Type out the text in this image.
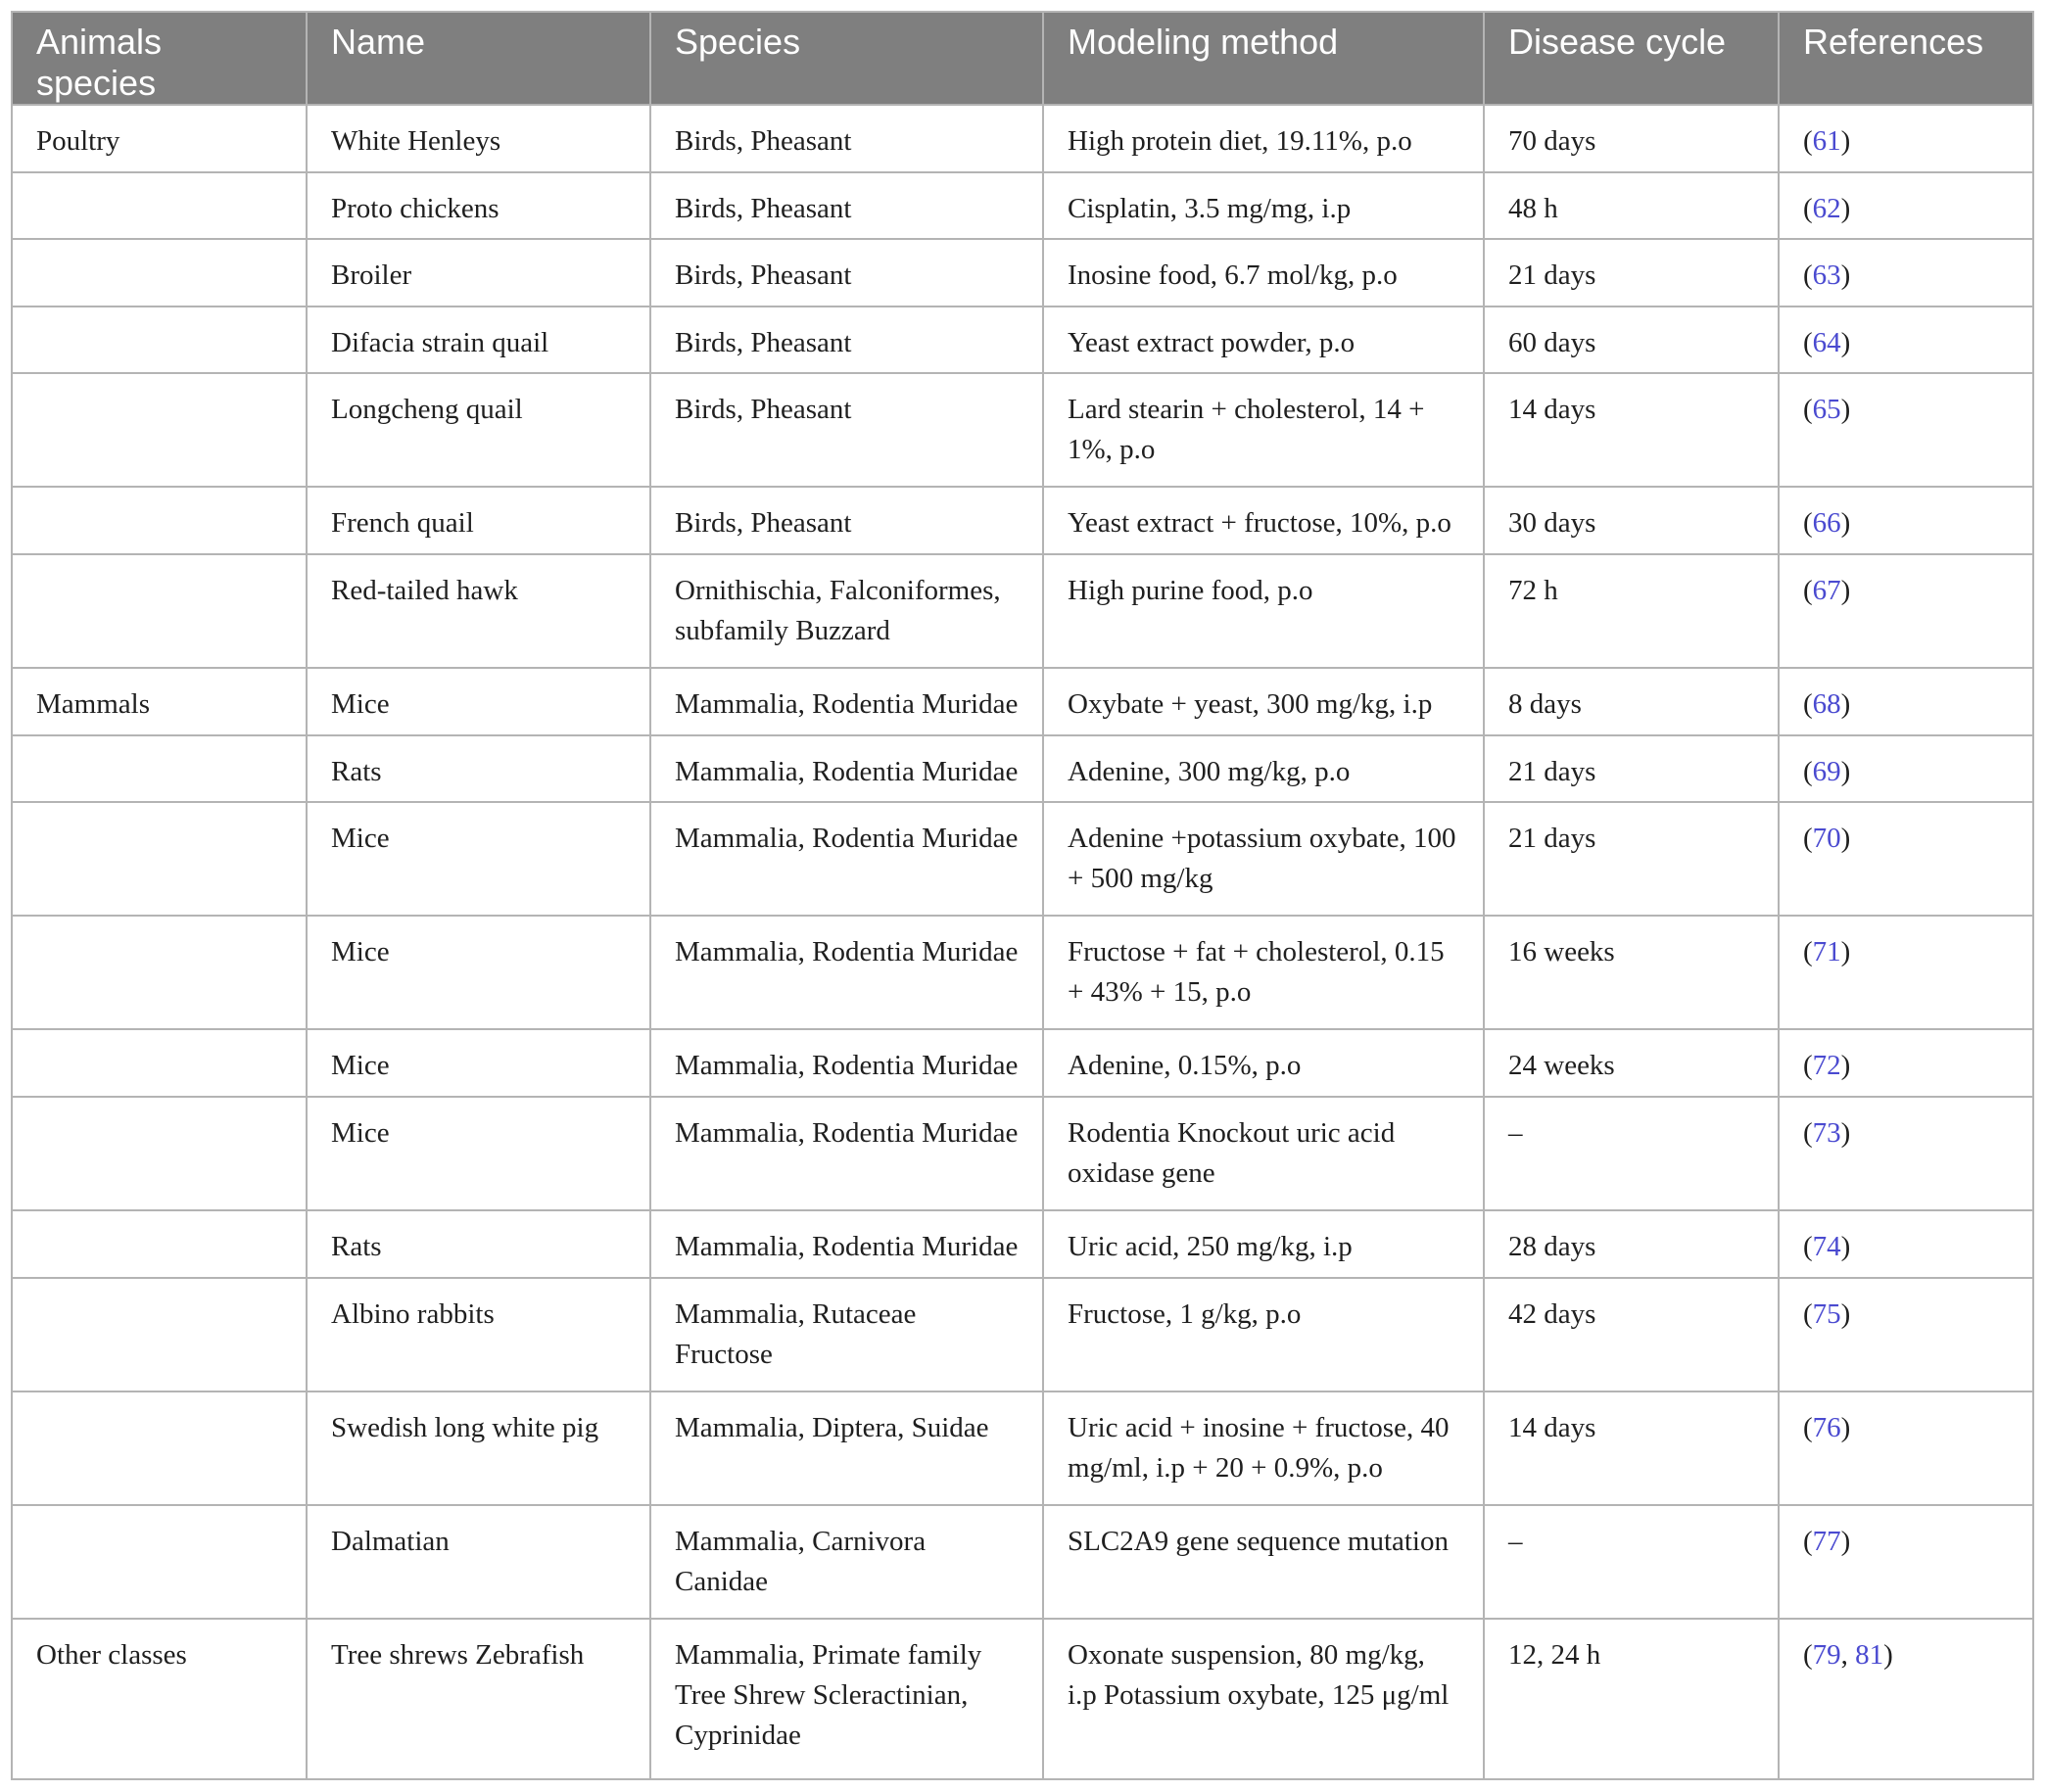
Animals species	Name	Species	Modeling method	Disease cycle	References
Poultry	White Henleys	Birds, Pheasant	High protein diet, 19.11%, p.o	70 days	(61)
	Proto chickens	Birds, Pheasant	Cisplatin, 3.5 mg/mg, i.p	48 h	(62)
	Broiler	Birds, Pheasant	Inosine food, 6.7 mol/kg, p.o	21 days	(63)
	Difacia strain quail	Birds, Pheasant	Yeast extract powder, p.o	60 days	(64)
	Longcheng quail	Birds, Pheasant	Lard stearin + cholesterol, 14 + 1%, p.o	14 days	(65)
	French quail	Birds, Pheasant	Yeast extract + fructose, 10%, p.o	30 days	(66)
	Red-tailed hawk	Ornithischia, Falconiformes, subfamily Buzzard	High purine food, p.o	72 h	(67)
Mammals	Mice	Mammalia, Rodentia Muridae	Oxybate + yeast, 300 mg/kg, i.p	8 days	(68)
	Rats	Mammalia, Rodentia Muridae	Adenine, 300 mg/kg, p.o	21 days	(69)
	Mice	Mammalia, Rodentia Muridae	Adenine +potassium oxybate, 100 + 500 mg/kg	21 days	(70)
	Mice	Mammalia, Rodentia Muridae	Fructose + fat + cholesterol, 0.15 + 43% + 15, p.o	16 weeks	(71)
	Mice	Mammalia, Rodentia Muridae	Adenine, 0.15%, p.o	24 weeks	(72)
	Mice	Mammalia, Rodentia Muridae	Rodentia Knockout uric acid oxidase gene	–	(73)
	Rats	Mammalia, Rodentia Muridae	Uric acid, 250 mg/kg, i.p	28 days	(74)
	Albino rabbits	Mammalia, Rutaceae Fructose	Fructose, 1 g/kg, p.o	42 days	(75)
	Swedish long white pig	Mammalia, Diptera, Suidae	Uric acid + inosine + fructose, 40 mg/ml, i.p + 20 + 0.9%, p.o	14 days	(76)
	Dalmatian	Mammalia, Carnivora Canidae	SLC2A9 gene sequence mutation	–	(77)
Other classes	Tree shrews Zebrafish	Mammalia, Primate family Tree Shrew Scleractinian, Cyprinidae	Oxonate suspension, 80 mg/kg, i.p Potassium oxybate, 125 μg/ml	12, 24 h	(79, 81)
